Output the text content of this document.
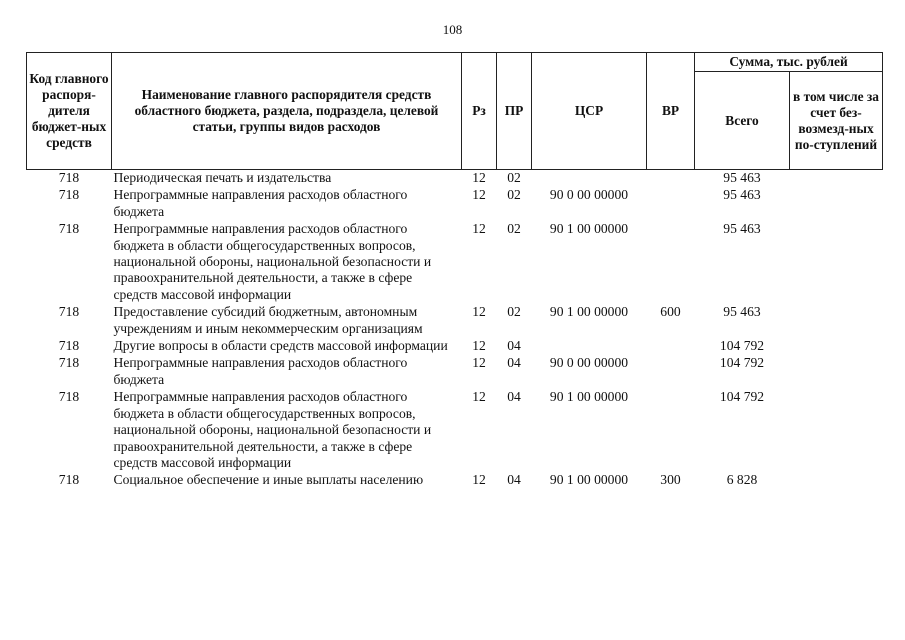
108
Код главного распоря-дителя бюджет-ных средств	Наименование главного распорядителя средств областного бюджета, раздела, подраздела, целевой статьи, группы видов расходов	Рз	ПР	ЦСР	ВР	Сумма, тыс. рублей	
						Всего	в том числе за счет без-возмезд-ных по-ступлений
718	Периодическая печать и издательства	12	02			95 463	
718	Непрограммные направления расходов областного бюджета	12	02	90 0 00 00000		95 463	
718	Непрограммные направления расходов областного бюджета в области общегосударственных вопросов, национальной обороны, национальной безопасности и правоохранительной деятельности, а также в сфере средств массовой информации	12	02	90 1 00 00000		95 463	
718	Предоставление субсидий бюджетным, автономным учреждениям и иным некоммерческим организациям	12	02	90 1 00 00000	600	95 463	
718	Другие вопросы в области средств массовой информации	12	04			104 792	
718	Непрограммные направления расходов областного бюджета	12	04	90 0 00 00000		104 792	
718	Непрограммные направления расходов областного бюджета в области общегосударственных вопросов, национальной обороны, национальной безопасности и правоохранительной деятельности, а также в сфере средств массовой информации	12	04	90 1 00 00000		104 792	
718	Социальное обеспечение и иные выплаты населению	12	04	90 1 00 00000	300	6 828	
